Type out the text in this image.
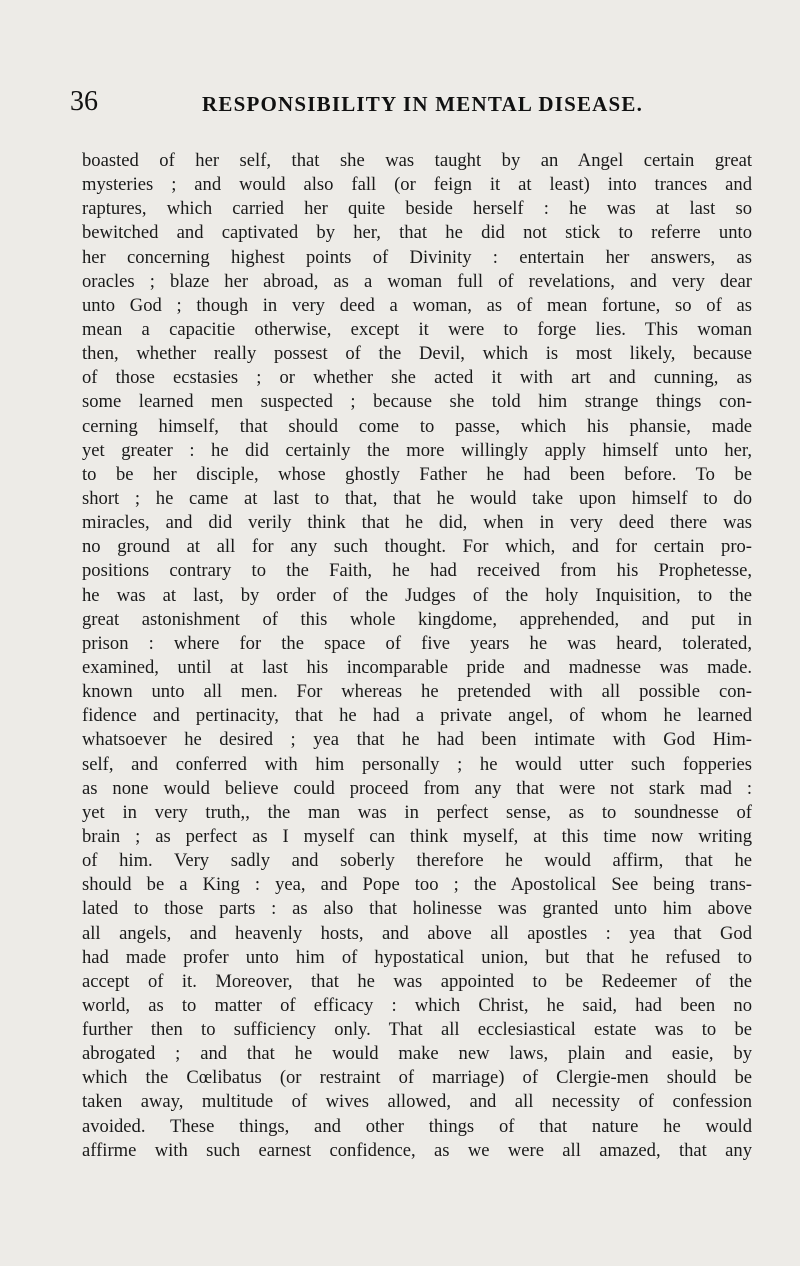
36	RESPONSIBILITY IN MENTAL DISEASE.
boasted of her self, that she was taught by an Angel certain great
mysteries ; and would also fall (or feign it at least) into trances and
raptures, which carried her quite beside herself : he was at last so
bewitched and captivated by her, that he did not stick to referre unto
her concerning highest points of Divinity : entertain her answers, as
oracles ; blaze her abroad, as a woman full of revelations, and very dear
unto God ; though in very deed a woman, as of mean fortune, so of as
mean a capacitie otherwise, except it were to forge lies. This woman
then, whether really possest of the Devil, which is most likely, because
of those ecstasies ; or whether she acted it with art and cunning, as
some learned men suspected ; because she told him strange things con-
cerning himself, that should come to passe, which his phansie, made
yet greater : he did certainly the more willingly apply himself unto her,
to be her disciple, whose ghostly Father he had been before. To be
short ; he came at last to that, that he would take upon himself to do
miracles, and did verily think that he did, when in very deed there was
no ground at all for any such thought. For which, and for certain pro-
positions contrary to the Faith, he had received from his Prophetesse,
he was at last, by order of the Judges of the holy Inquisition, to the
great astonishment of this whole kingdome, apprehended, and put in
prison : where for the space of five years he was heard, tolerated,
examined, until at last his incomparable pride and madnesse was made.
known unto all men. For whereas he pretended with all possible con-
fidence and pertinacity, that he had a private angel, of whom he learned
whatsoever he desired ; yea that he had been intimate with God Him-
self, and conferred with him personally ; he would utter such fopperies
as none would believe could proceed from any that were not stark mad :
yet in very truth,, the man was in perfect sense, as to soundnesse of
brain ; as perfect as I myself can think myself, at this time now writing
of him. Very sadly and soberly therefore he would affirm, that he
should be a King : yea, and Pope too ; the Apostolical See being trans-
lated to those parts : as also that holinesse was granted unto him above
all angels, and heavenly hosts, and above all apostles : yea that God
had made profer unto him of hypostatical union, but that he refused to
accept of it. Moreover, that he was appointed to be Redeemer of the
world, as to matter of efficacy : which Christ, he said, had been no
further then to sufficiency only. That all ecclesiastical estate was to be
abrogated ; and that he would make new laws, plain and easie, by
which the Cœlibatus (or restraint of marriage) of Clergie-men should be
taken away, multitude of wives allowed, and all necessity of confession
avoided. These things, and other things of that nature he would
affirme with such earnest confidence, as we were all amazed, that any
